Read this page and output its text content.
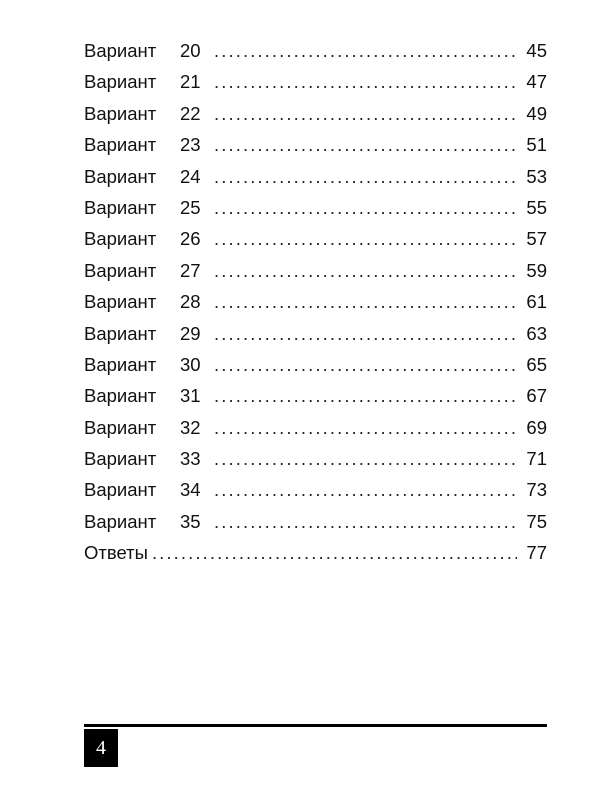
Вариант	20 .....	45
Вариант	21 .....	47
Вариант	22 .....	49
Вариант	23 .....	51
Вариант	24 .....	53
Вариант	25 .....	55
Вариант	26 .....	57
Вариант	27 .....	59
Вариант	28 .....	61
Вариант	29 .....	63
Вариант	30 .....	65
Вариант	31 .....	67
Вариант	32 .....	69
Вариант	33 .....	71
Вариант	34 .....	73
Вариант	35 .....	75
Ответы .....	77
4
